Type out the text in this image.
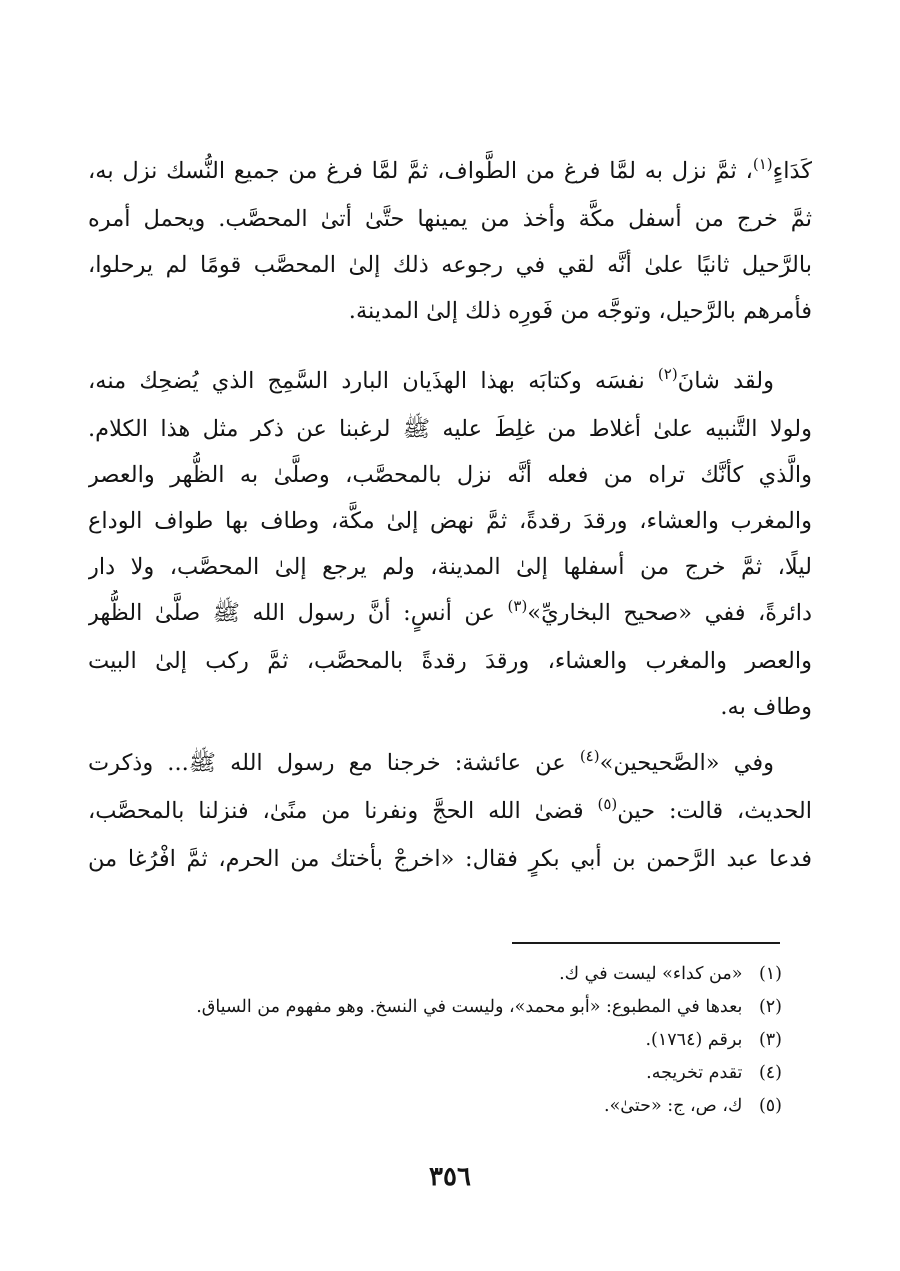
كَدَاءٍ$^{(١)}$، ثمَّ نزل به لمَّا فرغ من الطَّواف، ثمَّ لمَّا فرغ من جميع النُّسك نزل به،
ثمَّ خرج من أسفل مكَّة وأخذ من يمينها حتَّىٰ أتىٰ المحصَّب. ويحمل أمره
بالرَّحيل ثانيًا علىٰ أنَّه لقي في رجوعه ذلك إلىٰ المحصَّب قومًا لم يرحلوا،
فأمرهم بالرَّحيل، وتوجَّه من فَورِه ذلك إلىٰ المدينة.
ولقد شانَ$^{(٢)}$ نفسَه وكتابَه بهذا الهذَيان البارد السَّمِج الذي يُضحِك منه،
ولولا التَّنبيه علىٰ أغلاط من غلِطَ عليه ﷺ لرغبنا عن ذكر مثل هذا الكلام.
والَّذي كأنَّك تراه من فعله أنَّه نزل بالمحصَّب، وصلَّىٰ به الظُّهر والعصر
والمغرب والعشاء، ورقدَ رقدةً، ثمَّ نهض إلىٰ مكَّة، وطاف بها طواف الوداع
ليلًا، ثمَّ خرج من أسفلها إلىٰ المدينة، ولم يرجع إلىٰ المحصَّب، ولا دار
دائرةً، ففي «صحيح البخاريِّ»$^{(٣)}$ عن أنسٍ: أنَّ رسول الله ﷺ صلَّىٰ الظُّهر
والعصر والمغرب والعشاء، ورقدَ رقدةً بالمحصَّب، ثمَّ ركب إلىٰ البيت
وطاف به.
وفي «الصَّحيحين»$^{(٤)}$ عن عائشة: خرجنا مع رسول الله ﷺ... وذكرت
الحديث، قالت: حين$^{(٥)}$ قضىٰ الله الحجَّ ونفرنا من منًىٰ، فنزلنا بالمحصَّب،
فدعا عبد الرَّحمن بن أبي بكرٍ فقال: «اخرجْ بأختك من الحرم، ثمَّ افْرُغا من
(١) «من كداء» ليست في ك.
(٢) بعدها في المطبوع: «أبو محمد»، وليست في النسخ. وهو مفهوم من السياق.
(٣) برقم (١٧٦٤).
(٤) تقدم تخريجه.
(٥) ك، ص، ج: «حتىٰ».
٣٥٦
